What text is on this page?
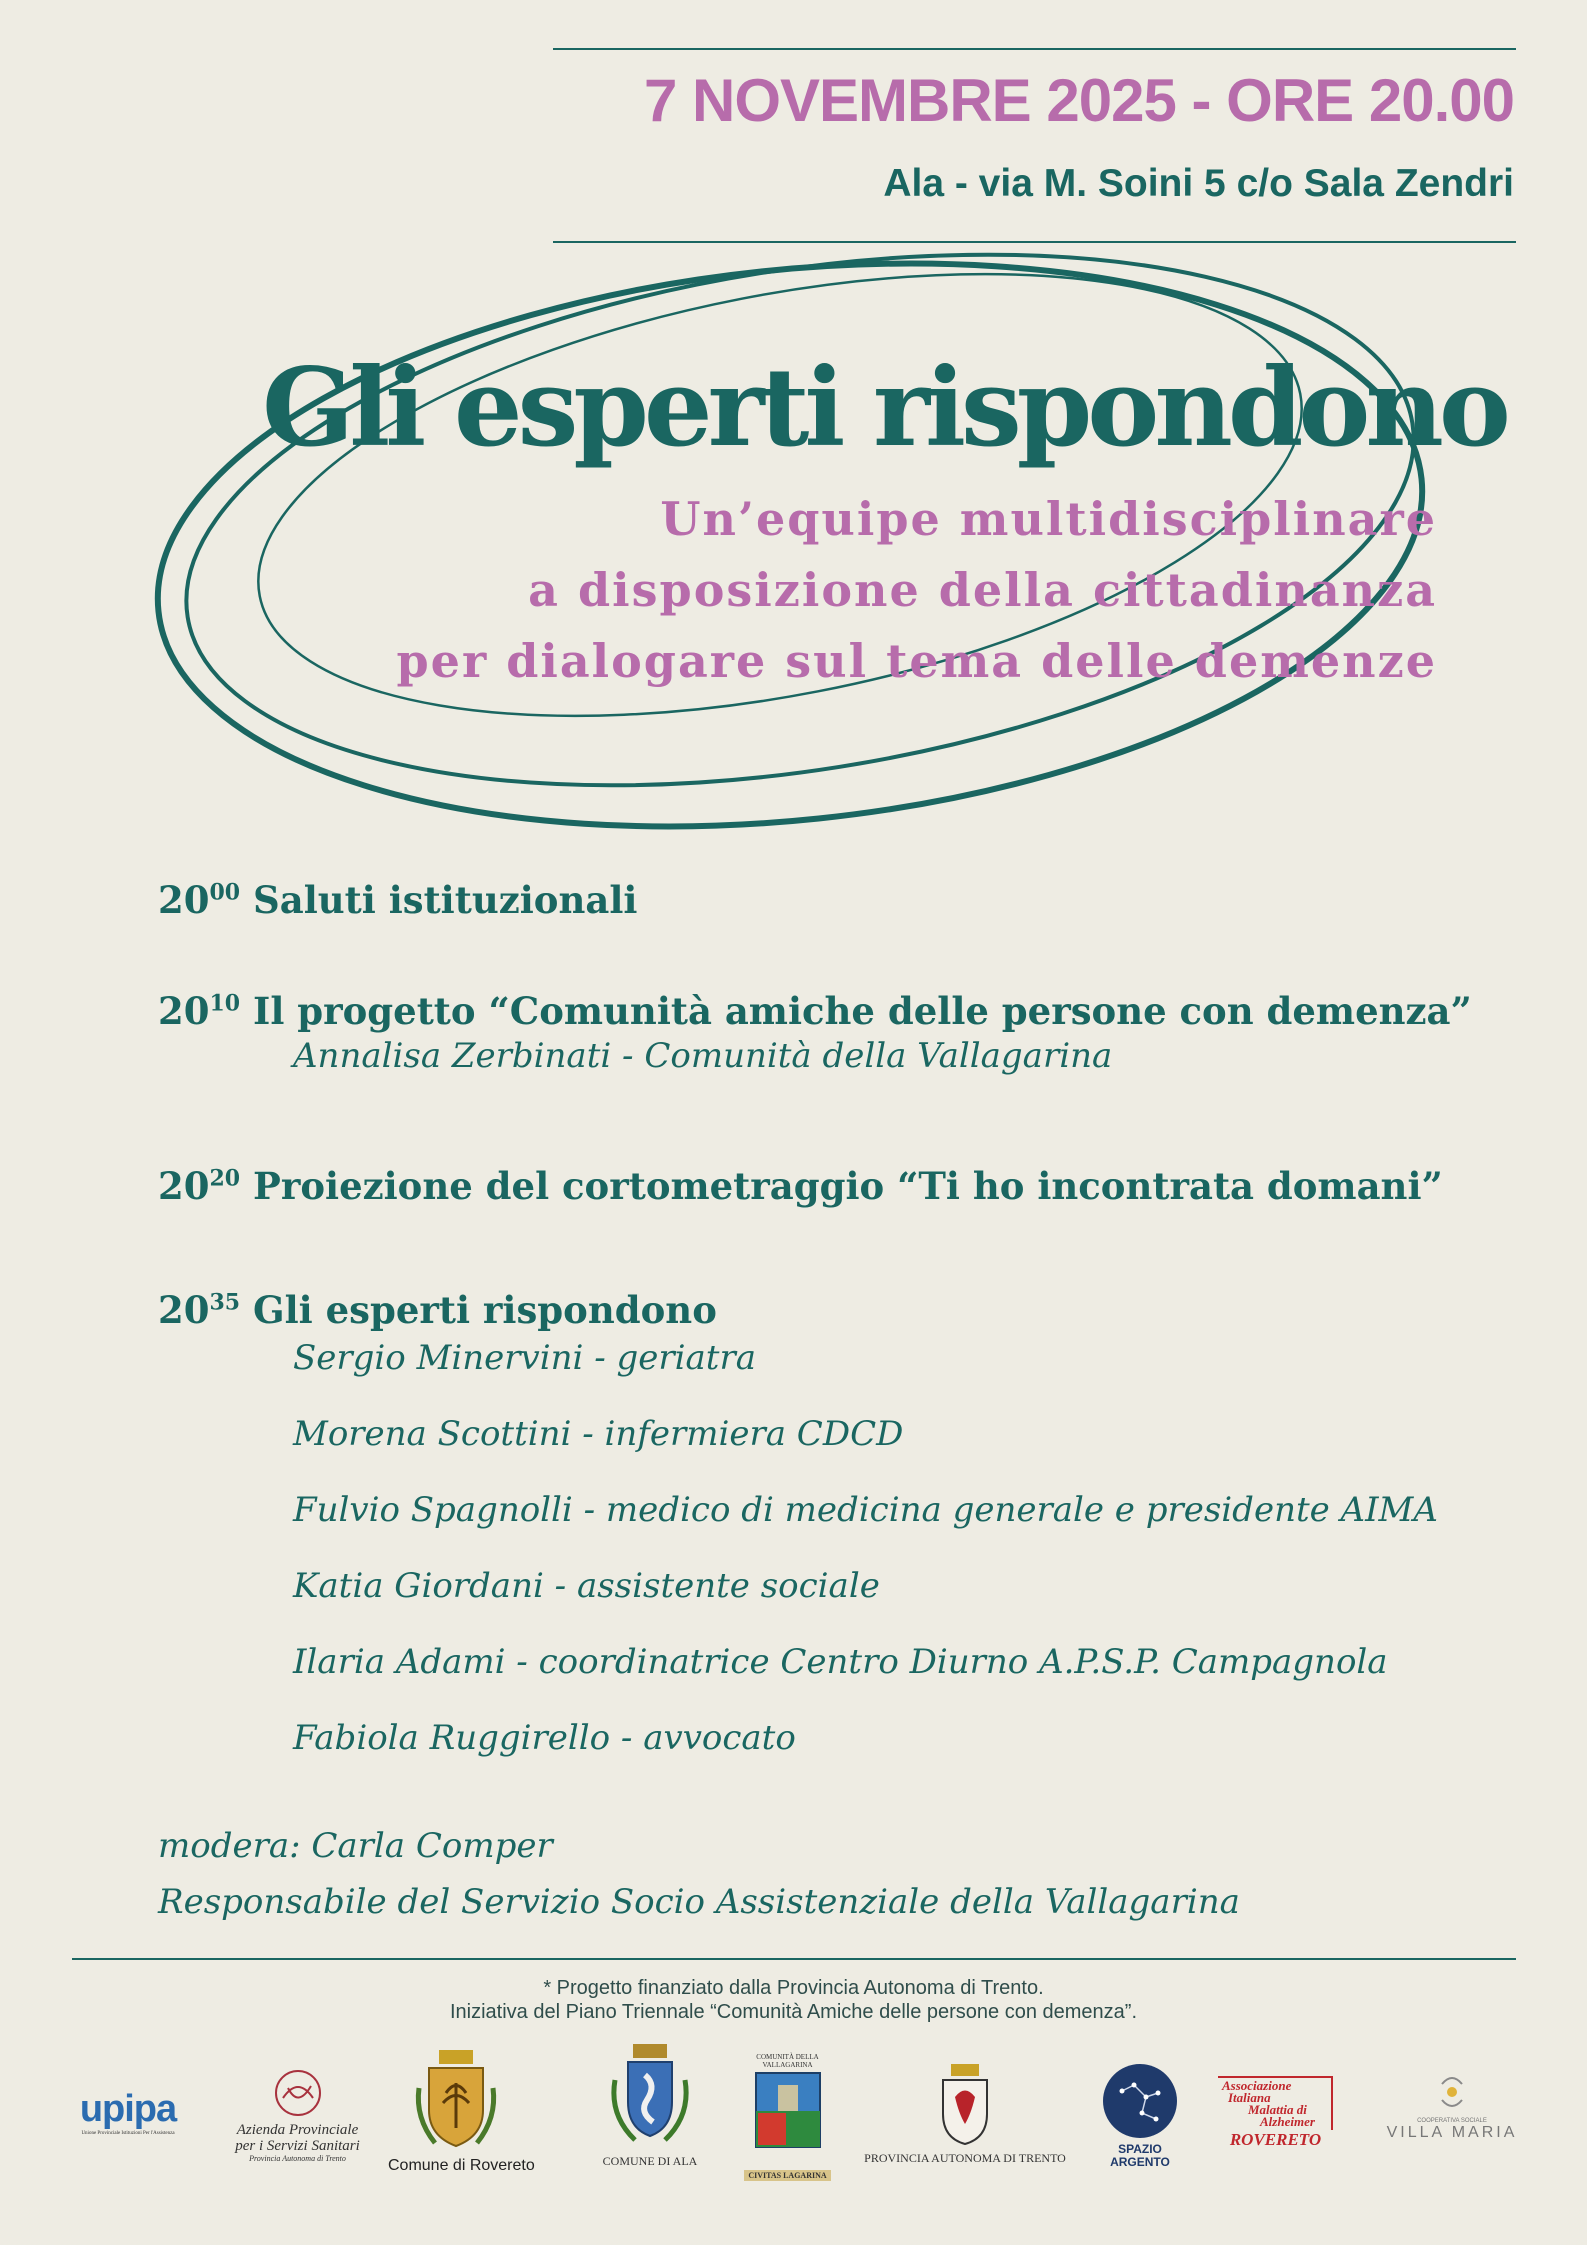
7 NOVEMBRE 2025 - ORE 20.00
Ala - via M. Soini 5 c/o Sala Zendri
Gli esperti rispondono
Un’equipe multidisciplinare
a disposizione della cittadinanza
per dialogare sul tema delle demenze
$20^{00}$ Saluti istituzionali
$20^{10}$ Il progetto “Comunità amiche delle persone con demenza”
Annalisa Zerbinati - Comunità della Vallagarina
$20^{20}$ Proiezione del cortometraggio “Ti ho incontrata domani”
$20^{35}$ Gli esperti rispondono
Sergio Minervini - geriatra
Morena Scottini - infermiera CDCD
Fulvio Spagnolli - medico di medicina generale e presidente AIMA
Katia Giordani - assistente sociale
Ilaria Adami - coordinatrice Centro Diurno A.P.S.P. Campagnola
Fabiola Ruggirello - avvocato
modera: Carla Comper
Responsabile del Servizio Socio Assistenziale della Vallagarina
* Progetto finanziato dalla Provincia Autonoma di Trento.
Iniziativa del Piano Triennale “Comunità Amiche delle persone con demenza”.
upipa
Unione Provinciale Istituzioni Per l'Assistenza	Azienda Provinciale
per i Servizi Sanitari
Provincia Autonoma di Trento	Comune di Rovereto	COMUNE DI ALA
COMUNITÀ DELLA VALLAGARINA
CIVITAS LAGARINA
PROVINCIA AUTONOMA DI TRENTO
SPAZIO
ARGENTO
Associazione
Italiana
Malattia di
Alzheimer
ROVERETO
COOPERATIVA SOCIALE
VILLA MARIA
